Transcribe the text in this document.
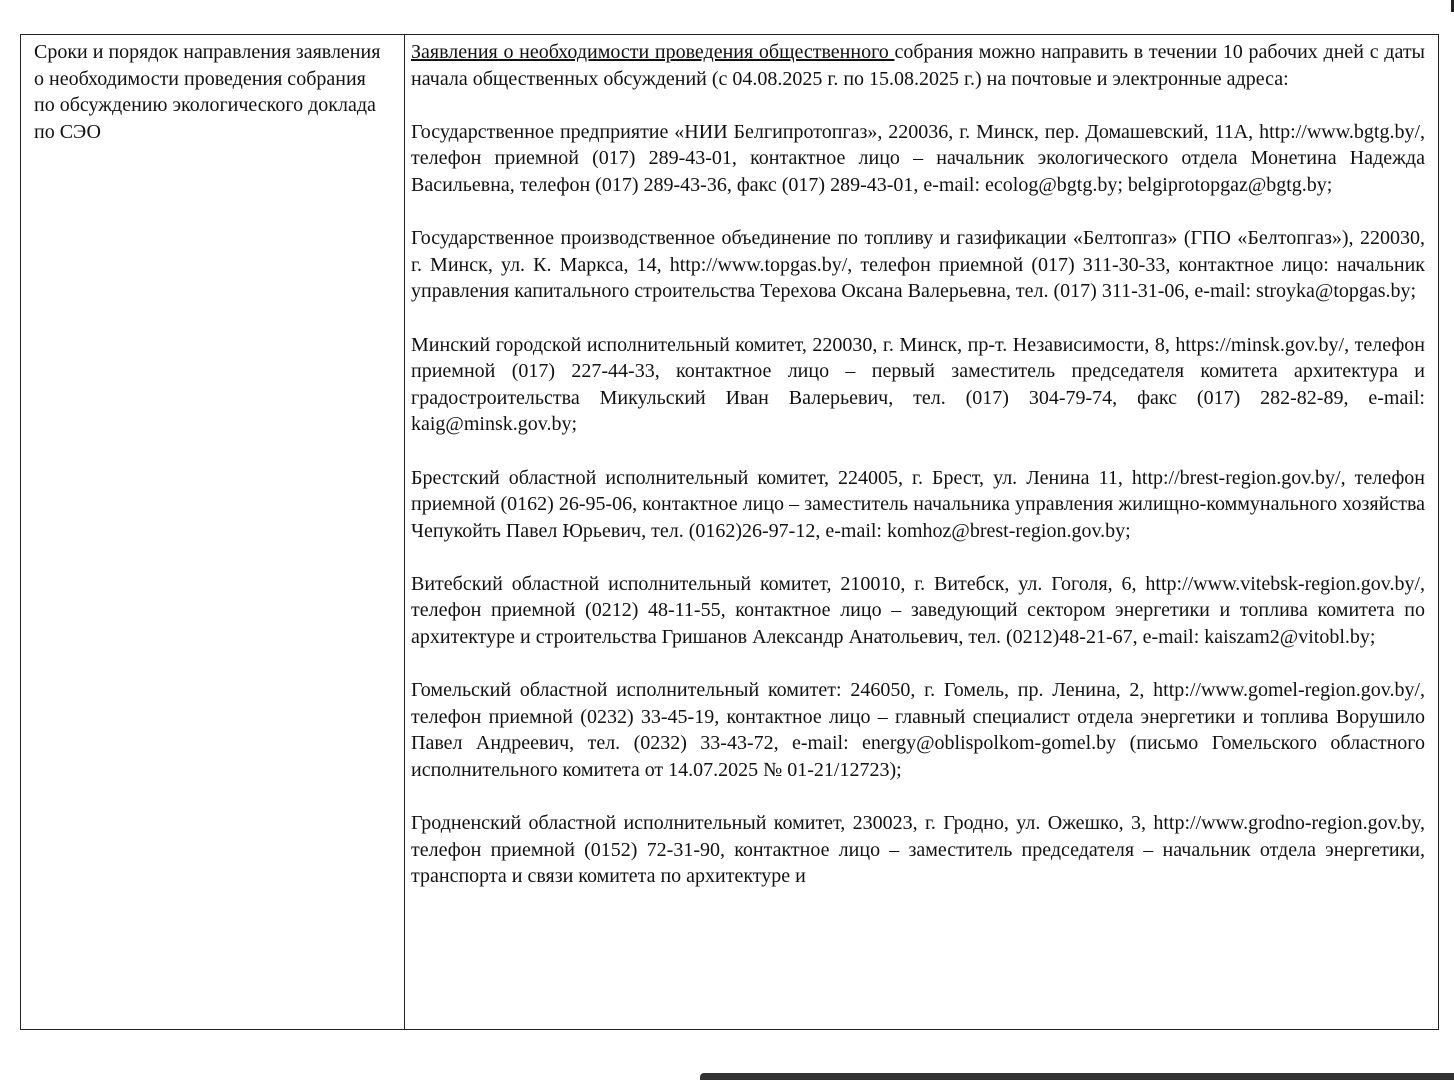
Сроки и порядок направления заявления о необходимости проведения собрания по обсуждению экологического доклада по СЭО

Заявления о необходимости проведения общественного собрания можно направить в течении 10 рабочих дней с даты начала общественных обсуждений (с 04.08.2025 г. по 15.08.2025 г.) на почтовые и электронные адреса:

Государственное предприятие «НИИ Белгипротопгаз», 220036, г. Минск, пер. Домашевский, 11А, http://www.bgtg.by/, телефон приемной (017) 289-43-01, контактное лицо – начальник экологического отдела Монетина Надежда Васильевна, телефон (017) 289-43-36, факс (017) 289-43-01, e-mail: ecolog@bgtg.by; belgiprotopgaz@bgtg.by;

Государственное производственное объединение по топливу и газификации «Белтопгаз» (ГПО «Белтопгаз»), 220030, г. Минск, ул. К. Маркса, 14, http://www.topgas.by/, телефон приемной (017) 311-30-33, контактное лицо: начальник управления капитального строительства Терехова Оксана Валерьевна, тел. (017) 311-31-06, e-mail: stroyka@topgas.by;

Минский городской исполнительный комитет, 220030, г. Минск, пр-т. Независимости, 8, https://minsk.gov.by/, телефон приемной (017) 227-44-33, контактное лицо – первый заместитель председателя комитета архитектура и градостроительства Микульский Иван Валерьевич, тел. (017) 304-79-74, факс (017) 282-82-89, e-mail: kaig@minsk.gov.by;

Брестский областной исполнительный комитет, 224005, г. Брест, ул. Ленина 11, http://brest-region.gov.by/, телефон приемной (0162) 26-95-06, контактное лицо – заместитель начальника управления жилищно-коммунального хозяйства Чепукойть Павел Юрьевич, тел. (0162)26-97-12, e-mail: komhoz@brest-region.gov.by;

Витебский областной исполнительный комитет, 210010, г. Витебск, ул. Гоголя, 6, http://www.vitebsk-region.gov.by/, телефон приемной (0212) 48-11-55, контактное лицо – заведующий сектором энергетики и топлива комитета по архитектуре и строительства Гришанов Александр Анатольевич, тел. (0212)48-21-67, e-mail: kaiszam2@vitobl.by;

Гомельский областной исполнительный комитет: 246050, г. Гомель, пр. Ленина, 2, http://www.gomel-region.gov.by/, телефон приемной (0232) 33-45-19, контактное лицо – главный специалист отдела энергетики и топлива Ворушило Павел Андреевич, тел. (0232) 33-43-72, e-mail: energy@oblispolkom-gomel.by (письмо Гомельского областного исполнительного комитета от 14.07.2025 № 01-21/12723);

Гродненский областной исполнительный комитет, 230023, г. Гродно, ул. Ожешко, 3, http://www.grodno-region.gov.by, телефон приемной (0152) 72-31-90, контактное лицо – заместитель председателя – начальник отдела энергетики, транспорта и связи комитета по архитектуре и
